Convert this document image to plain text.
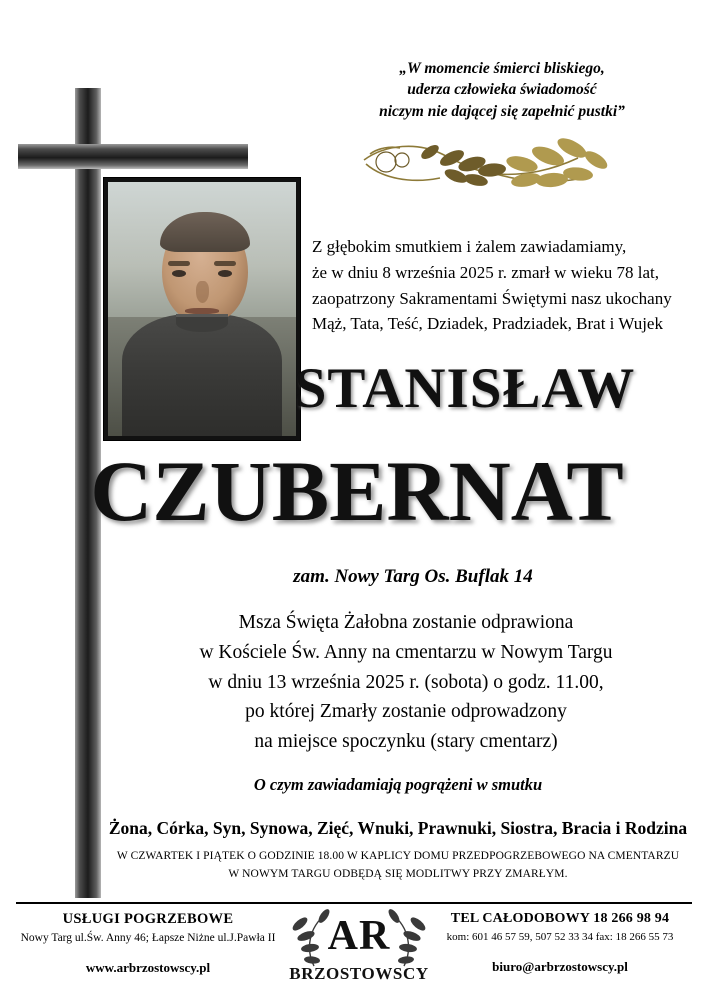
„W momencie śmierci bliskiego,
uderza człowieka świadomość
niczym nie dającej się zapełnić pustki”
Z głębokim smutkiem i żalem zawiadamiamy,
że w dniu 8 września 2025 r. zmarł w wieku 78 lat,
zaopatrzony Sakramentami Świętymi nasz ukochany
Mąż, Tata, Teść, Dziadek, Pradziadek, Brat i Wujek
STANISŁAW
CZUBERNAT
zam. Nowy Targ Os. Buflak 14
Msza Święta Żałobna zostanie odprawiona
w Kościele Św. Anny na cmentarzu w Nowym Targu
w dniu 13 września 2025 r. (sobota) o godz. 11.00,
po której Zmarły zostanie odprowadzony
na miejsce spoczynku (stary cmentarz)
O czym zawiadamiają pogrążeni w smutku
Żona, Córka, Syn, Synowa, Zięć, Wnuki, Prawnuki, Siostra, Bracia i Rodzina
W CZWARTEK I PIĄTEK O GODZINIE 18.00 W KAPLICY DOMU PRZEDPOGRZEBOWEGO NA CMENTARZU
W NOWYM TARGU ODBĘDĄ SIĘ MODLITWY PRZY ZMARŁYM.
USŁUGI POGRZEBOWE
Nowy Targ ul.Św. Anny 46; Łapsze Niżne ul.J.Pawła II
www.arbrzostowscy.pl
AR
BRZOSTOWSCY
TEL CAŁODOBOWY 18 266 98 94
kom: 601 46 57 59, 507 52 33 34 fax: 18 266 55 73
biuro@arbrzostowscy.pl
